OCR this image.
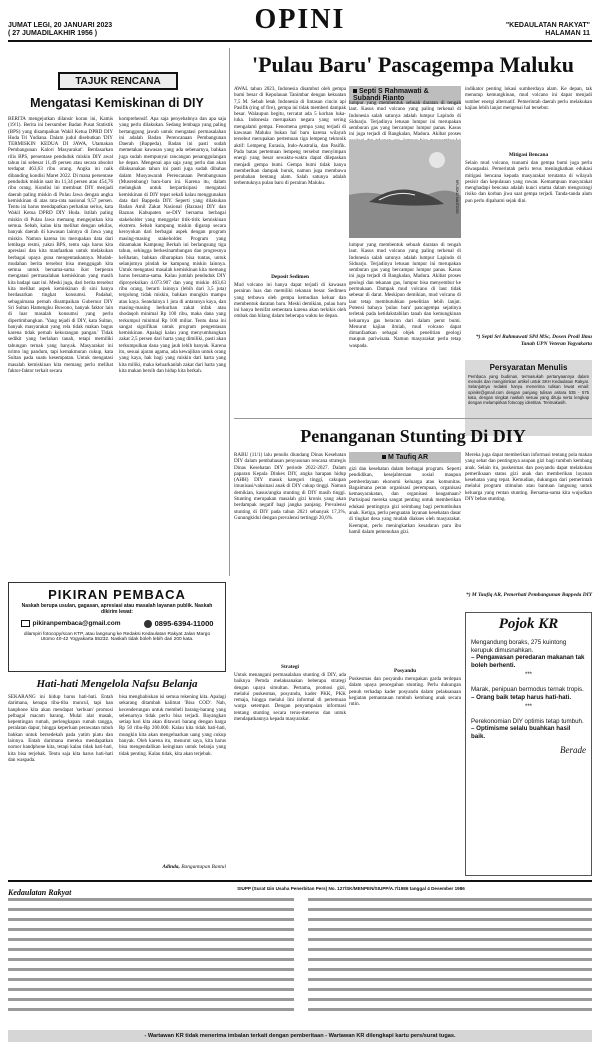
JUMAT LEGI, 20 JANUARI 2023
( 27 JUMADILAKHIR 1956 )	OPINI	"KEDAULATAN RAKYAT"
HALAMAN 11
TAJUK RENCANA
Mengatasi Kemiskinan di DIY
BERITA mengejutkan dilansir koran ini, Kamis (19/1). Berita ini bersumber Badan Pusat Statistik (BPS) yang disampaikan Wakil Ketua DPRD DIY Huda Tri Yudiana. Dalam judul disebutkan 'DIY TERMISKIN KEDUA DI JAWA, Utamakan Pembangunan Kalori Masyarakat'. Berdasarkan rilis BPS, persentase penduduk miskin DIY awal tahun ini sebesar 11,49 persen atau secara absolut terdapat 463,63 ribu orang. Angka ini naik dibanding kondisi Maret 2022. Di mana persentase penduduk miskin saat itu 11,34 persen atau 454,76 ribu orang. Kondisi ini membuat DIY menjadi daerah paling miskin di Pulau Jawa dengan angka kemiskinan di atas rata-rata nasional 9,57 persen. Tentu ini harus mendapatkan perhatian serius, kata Wakil Ketua DPRD DIY Huda. Istilah paling miskin di Pulau Jawa memang mengejutkan kita semua. Sebab, kalau kita melihat dengan sekilas, banyak daerah di kawasan lainnya di Jawa yang miskin. Namun karena itu merupakan data dari lembaga resmi, yakni BPS, tentu saja harus kita apresiasi dan kita manfaatkan untuk melakukan berbagai upaya guna mengentaskannya. Mudah-mudahan berita tersebut bisa menggugah kita semua untuk bersama-sama ikut berperan mengatasi permasalahan kemiskinan yang masih kita hadapi saat ini. Meski juga, dari berita tersebut kita melihat aspek kemiskinan di sini hanya berdasarkan tingkat konsumsi. Padahal, sebagaimana pernah disampaikan Gubernur DIY Sri Sultan Hamengku Buwono, banyak faktor lain di luar masalah konsumsi yang perlu dipertimbangkan. 'Yang tejadi di DIY, kata Sultan, banyak masyarakat yang rela tidak makan bagus karena tidak pernah kekurangan pangan.' Tidak sedikit yang berlahan tanah, tetapi memiliki tabungan ternak yang banyak. Masyarakat ini nrimo ing pandum, tapi kemakmuran cukup, kata Sultan pada suatu kesempatan. Untuk mengatasi masalah kemiskinan kita memang perlu melihat faktor-faktor terkait secara
komprehensif. Apa saja penyebabnya dan apa saja yang perlu dilakukan. Sedang lembaga yang paling bertanggung jawab untuk mengatasi permasalahan ini adalah Badan Perencanaan Pembangunan Daerah (Bappeda). Badan ini pasti sudah memetakan kawasan yang ada sebenarnya, bahkan juga sudah mempunyai rancangan penanggulangan ke depan. Mengenai apa saja yang perlu dan akan dilaksanakan tahun ini pasti juga sudah dibahas dalam Musyawarah Perencanaan Pembangunan (Musrenbang) baru-baru ini. Karena itu, dalam melangkah untuk berpartisipasi mengatasi kemiskinan di DIY tepat sekali kalau menggunakan data dari Bappeda DIY. Seperti yang dilakukan Badan Amil Zakat Nasional (Baznas) DIY dan Baznas Kabupaten se-DIY bersama berbagai stakeholder yang menggelar titik-titik kemiskinan ekstrem. Sebab kampung miskin digarap secara keroyokan dari berbagai aspek dengan program masing-masing stakeholder. Program yang dinamakan Kampung Berkah ini berlangsung tiga tahun, sehingga berkesinambungan dan progresnya kelihatan, bahkan diharapkan bisa tuntas, untuk selanjutnya pindah ke kampung miskin lainnya. Untuk mengatasi masalah kemiskinan kita memang harus bersama-sama. Kalau jumlah penduduk DIY diproyeksikan 4.073.907 dan yang miskin 463,63 ribu orang, berarti lainnya (lebih dari 3,5 juta) tergolong tidak miskin, bahkan mungkin mampu atau kaya. Seandainya 1 juta di antaranya kaya, dan masing-masing berkurban zakat infak atau shodaqoh minimal Rp 100 ribu, maka dana yang terkumpul minimal Rp 100 miliar. Tentu dana ini sangat signifikan untuk program pengentasan kemiskinan. Apalagi kalau yang menyumbangkan zakat 2,5 persen dari harta yang dimiliki, pasti akan terkumpulkan dana yang jauh lebih banyak. Karena itu, sesuai ajaran agama, ada kewajiban untuk orang yang kaya, hak bagi yang miskin dari harta yang kita miliki, maka keluarkanlah zakat dari harta yang kita makan bersih dan hidup kita berkah.
PIKIRAN PEMBACA
Naskah berupa usulan, gagasan, apresiasi atau masalah layanan publik. Naskah dikirim lewat:
pikiranpembaca@gmail.com	0895-6394-11000
dilampiri fotocopy/scan KTP, atau langsung ke Redaksi Kedaulatan Rakyat Jalan Margo Utomo 40-42 Yogyakarta 55232. Naskah tidak boleh lebih dari 200 kata.
Hati-hati Mengelola Nafsu Belanja
SEKARANG ini hidup harus hati-hati. Entah darimana, kenapa tiba-tiba muncul, tapi han hanphone kita akan mendapat 'serbuan' promosi pelbagai macam barang. Mulai alat masak, kepentingan rumah, perlengkapan rumah tangga, peralatan dapur, hingga keperluan perawatan tubuh bahkan untuk bersedekah pada yatim piatu dan lainnya. Entah darimana mereka mendapatkan nomor handphone kita, tetapi kalau tidak hati-hati, kita bisa terjebak. Tentu saja kita harus hati-hati dan waspada.
bisa menghabiskan isi semua rekening kita. Apalagi sekarang ditambah kalimat 'Bisa COD'. Nah, kecenderungan untuk membeli barang-barang yang sebenarnya tidak perlu bisa terjadi. Bayangkan setiap hari kita akan ditawari barang dengan harga Rp 50 ribu-Rp 200.000. Kalau kita tidak hati-hati, mungkin kita akan mengeluarkan uang yang cukup banyak. Oleh karena itu, menurut saya, kita harus bisa mengendalikan keinginan untuk belanja yang tidak penting. Kalau tidak, kita akan terjebak.
Adinda, Banguntapan Bantul
'Pulau Baru' Pascagempa Maluku
AWAL tahun 2023, Indonesia disambut oleh gempa bumi besar di Kepulauan Tanimbar dengan kekuatan 7,5 M. Sebab letak Indonesia di lintasan cincin api Pasifik (ring of fire), gempa ini tidak memberi dampak besar. Walaupun begitu, tercatat ada 5 korban luka-luka. Indonesia merupakan negara yang sering mengalami gempa. Fenomena gempa yang terjadi di kawasan Maluku bukan hal baru karena wilayah tersebut merupakan pertemuan tiga lempeng tektonik aktif: Lempeng Eurasia, Indo-Australia, dan Pasifik. Pada batas pertemuan lempeng tersebut menyimpan energi yang besar sewaktu-waktu dapat dilepaskan menjadi gempa bumi. Gempa bumi tidak hanya memberikan dampak buruk, namun juga membawa perubahan bentang alam. Salah satunya adalah terbentuknya pulau baru di perairan Maluku.
Deposit Sedimen
Mud volcano ini hanya dapat terjadi di kawasan perairan luas dan memiliki tekanan besar. Sedimen yang terbawa oleh gempa kemudian keluar dan membentuk daratan baru. Meski demikian, pulau baru ini hanya bersifat sementara karena akan terkikis oleh ombak dan hilang dalam beberapa waktu ke depan.
Septi S Rahmawati & Subandi Rianto
lumpur yang membentuk sebuah daratan di tengah laut. Kasus mud volcano yang paling terkenal di Indonesia salah satunya adalah lumpur Lapindo di Sidoarjo. Terjadinya letusan lumpur ini merupakan semburan gas yang bercampur lumpur panas. Kasus ini juga terjadi di Bangkalan, Madura. Akibat proses
KR-JOKO SANTOSO
lumpur yang membentuk sebuah daratan di tengah laut. Kasus mud volcano yang paling terkenal di Indonesia salah satunya adalah lumpur Lapindo di Sidoarjo. Terjadinya letusan lumpur ini merupakan semburan gas yang bercampur lumpur panas. Kasus ini juga terjadi di Bangkalan, Madura. Akibat proses geologi dan tekanan gas, lumpur bisa menyembur ke permukaan. Dampak mud volcano di laut tidak sebesar di darat. Meskipun demikian, mud volcano di laut tetap membutuhkan penelitian lebih lanjut. Potensi bahaya 'pulau baru' pascagempa sejatinya terletak pada ketidakstabilan tanah dan kemungkinan keluarnya gas beracun dari dalam perut bumi. Menurut kajian ilmiah, mud volcano dapat dimanfaatkan sebagai objek penelitian geologi maupun pariwisata. Namun masyarakat perlu tetap waspada.
indikator penting lokasi sumberdaya alam. Ke depan, tak menutup kemungkinan, mud volcano ini dapat menjadi sumber energi alternatif. Pemerintah daerah perlu melakukan kajian lebih lanjut mengenai hal tersebut.
Mitigasi Bencana
Selain mud volcano, tsunami dan gempa bumi juga perlu diwaspadai. Pemerintah perlu terus meningkatkan edukasi mitigasi bencana kepada masyarakat terutama di wilayah pesisir dan kepulauan yang rawan. Kemampuan masyarakat menghadapi bencana adalah kunci utama dalam mengurangi risiko dan korban jiwa saat gempa terjadi. Tanda-tanda alam pun perlu dipahami sejak dini.
*) Septi Sri Rahmawati SPd MSc, Dosen Prodi Ilmu Tanah UPN Veteran Yogyakarta
Persyaratan Menulis
Pembaca yang budiman, termasukah pertanyaannya dalam menulis dan mengirimkan artikel untuk SKH Kedaulatan Rakyat. Selanjutnya redaksi hanya menerima tulisan lewat email: opinikr@gmail.com dengan panjang tulisan antara 535 - 575 kata, dengan singkat naskah sesuai yang dituju serta lengkap dengan melampirkan fotocopy identitas. Terimakasih.
Penanganan Stunting Di DIY
RABU (11/1) lalu penulis diundang Dinas Kesehatan DIY dalam pembahasan penyusunan rencana strategis Dinas Kesehatan DIY periode 2022-2027. Dalam paparan Kepala Dinkes DIY, angka harapan hidup (AHH) DIY masuk kategori tinggi, cakupan imunisasi/vaksinasi anak di DIY cukup tinggi. Namun demikian, kasus/angka stunting di DIY masih tinggi. Stunting merupakan masalah gizi kronis yang akan berdampak negatif bagi jangka panjang. Prevalensi stunting di DIY pada tahun 2021 sebanyak 17,3%, Gunungkidul dengan prevalensi tertinggi 20,6%.
Strategi
Untuk menangani permasalahan stunting di DIY, ada baiknya Pemda melaksanakan beberapa strategi dengan upaya simultan. Pertama, promosi gizi, melalui puskesmas, posyandu, kader PKK, PKK remaja, hingga melalui lini informal di pertemuan warga setempat. Dengan penyampaian informasi tentang stunting secara terus-menerus dan untuk mendapatkannya kepada masyarakat.
M Taufiq AR
gizi dan kesehatan dalam berbagai program. Seperti pendidikan, kesejahteraan sosial maupun pemberdayaan ekonomi keluarga atau komunitas. Bagaimana peran organisasi perempuan, organisasi kemasyarakatan, dan organisasi keagamaan? Partisipasi mereka sangat penting untuk memberikan edukasi pentingnya gizi seimbang bagi pertumbuhan anak. Ketiga, perlu penguatan layanan kesehatan dasar di tingkat desa yang mudah diakses oleh masyarakat. Keempat, perlu meningkatkan kesadaran para ibu hamil dalam pemenuhan gizi.
Posyandu
Puskesmas dan posyandu merupakan garda terdepan dalam upaya pencegahan stunting. Perlu dukungan penuh terhadap kader posyandu dalam pelaksanaan kegiatan pemantauan tumbuh kembang anak secara rutin.
Mereka juga dapat memberikan informasi tentang pola makan yang sehat dan pentingnya asupan gizi bagi tumbuh kembang anak. Selain itu, puskesmas dan posyandu dapat melakukan pemeriksaan status gizi anak dan memberikan layanan kesehatan yang tepat. Kemudian, dukungan dari pemerintah melalui program stimulan atau bantuan langsung untuk keluarga yang rentan stunting. Bersama-sama kita wujudkan DIY bebas stunting.
*) M Taufiq AR, Pemerhati Pembangunan Bappeda DIY
Pojok KR
Mengandung boraks, 275 kuintong kerupuk dimusnahkan.
– Pengawasan peredaran makanan tak boleh berhenti.
***
Marak, penipuan bermodus ternak tropis.
– Orang baik tetap harus hati-hati.
***
Perekonomian DIY optimis tetap tumbuh.
– Optimisme selalu buahkan hasil baik.
Berade
Kedaulatan Rakyat	SIUPP (Surat Izin Usaha Penerbitan Pers) No. 127/SK/MENPEN/SIUPP/A.7/1986 tanggal 4 Desember 1986
- Wartawan KR tidak menerima imbalan terkait dengan pemberitaan - Wartawan KR dilengkapi kartu pers/surat tugas.
